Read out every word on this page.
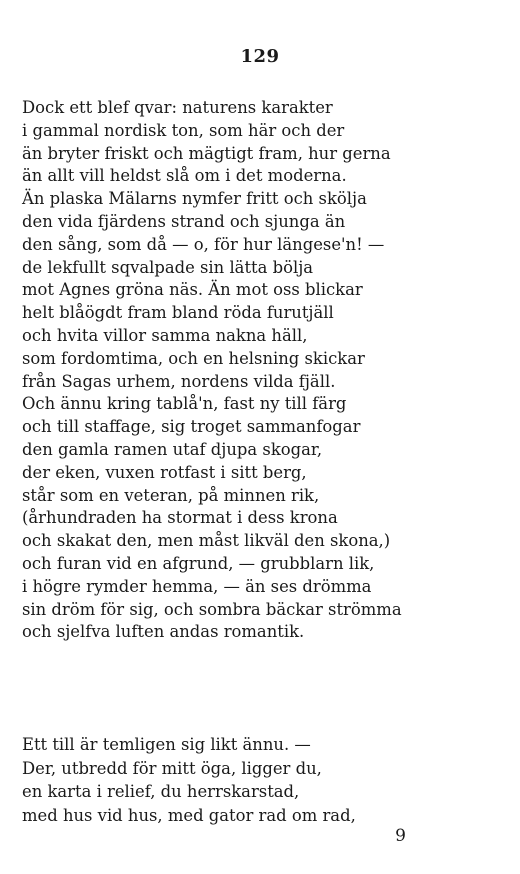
129
Dock ett blef qvar: naturens karakter
i gammal nordisk ton, som här och der
än bryter friskt och mägtigt fram, hur gerna
än allt vill heldst slå om i det moderna.
Än plaska Mälarns nymfer fritt och skölja
den vida fjärdens strand och sjunga än
den sång, som då — o, för hur längese'n! —
de lekfullt sqvalpade sin lätta bölja
mot Agnes gröna näs. Än mot oss blickar
helt blåögdt fram bland röda furutjäll
och hvita villor samma nakna häll,
som fordomtima, och en helsning skickar
från Sagas urhem, nordens vilda fjäll.
Och ännu kring tablå'n, fast ny till färg
och till staffage, sig troget sammanfogar
den gamla ramen utaf djupa skogar,
der eken, vuxen rotfast i sitt berg,
står som en veteran, på minnen rik,
(århundraden ha stormat i dess krona
och skakat den, men måst likväl den skona,)
och furan vid en afgrund, — grubblarn lik,
i högre rymder hemma, — än ses drömma
sin dröm för sig, och sombra bäckar strömma
och sjelfva luften andas romantik.
Ett till är temligen sig likt ännu. —
Der, utbredd för mitt öga, ligger du,
en karta i relief, du herrskarstad,
med hus vid hus, med gator rad om rad,
9
